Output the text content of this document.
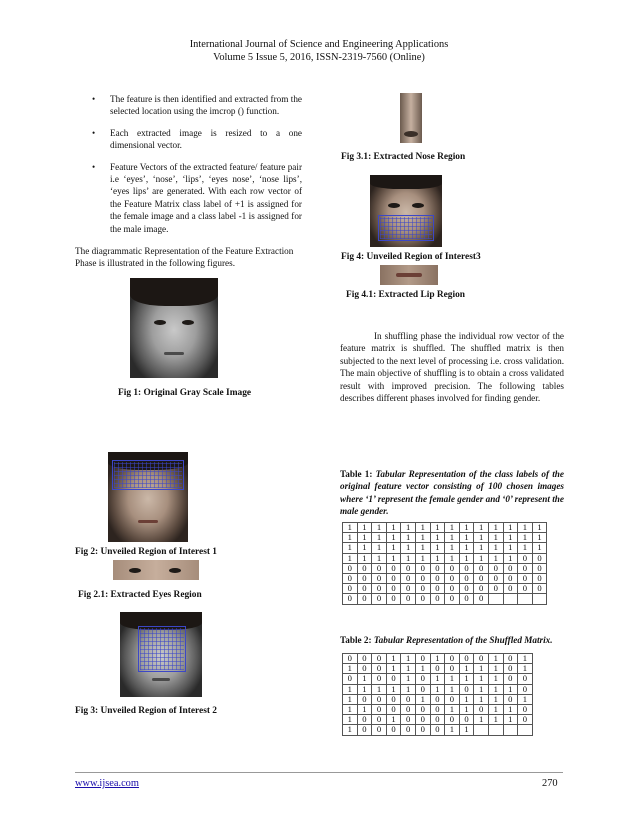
International Journal of Science and Engineering Applications
Volume 5 Issue 5, 2016, ISSN-2319-7560 (Online)
•	The feature is then identified and extracted from the selected location using the imcrop () function.
•	Each extracted image is resized to a one dimensional vector.
•	Feature Vectors of the extracted feature/ feature pair i.e ‘eyes’, ‘nose’, ‘lips’, ‘eyes nose’, ‘nose lips’, ‘eyes lips’ are generated. With each row vector of the Feature Matrix class label of +1 is assigned for the female image and a class label -1 is assigned for the male image.
The diagrammatic Representation of the Feature Extraction Phase is illustrated in the following figures.
Fig 1: Original Gray Scale Image
Fig 2: Unveiled Region of Interest 1
Fig 2.1: Extracted Eyes Region
Fig 3: Unveiled Region of Interest 2
Fig 3.1: Extracted Nose Region
Fig 4: Unveiled Region of Interest3
Fig 4.1: Extracted Lip Region
In shuffling phase the individual row vector of the feature matrix is shuffled. The shuffled matrix is then subjected to the next level of processing i.e. cross validation. The main objective of shuffling is to obtain a cross validated result with improved precision. The following tables describes different phases involved for finding gender.
Table 1: Tabular Representation of the class labels of the original feature vector consisting of 100 chosen images where ‘1’ represent the female gender and ‘0’ represent the male gender.
1	1	1	1	1	1	1	1	1	1	1	1	1	1
1	1	1	1	1	1	1	1	1	1	1	1	1	1
1	1	1	1	1	1	1	1	1	1	1	1	1	1
1	1	1	1	1	1	1	1	1	1	1	1	0	0
0	0	0	0	0	0	0	0	0	0	0	0	0	0
0	0	0	0	0	0	0	0	0	0	0	0	0	0
0	0	0	0	0	0	0	0	0	0	0	0	0	0
0	0	0	0	0	0	0	0	0	0				
Table 2: Tabular Representation of the Shuffled Matrix.
0	0	0	1	1	0	1	0	0	0	1	0	1
1	0	0	1	1	1	0	0	1	1	1	0	1
0	1	0	0	1	0	1	1	1	1	1	0	0
1	1	1	1	1	0	1	1	0	1	1	1	0
1	0	0	0	0	1	0	0	1	1	1	0	1
1	1	0	0	0	0	0	1	1	0	1	1	0
1	0	0	1	0	0	0	0	0	1	1	1	0
1	0	0	0	0	0	0	1	1				
www.ijsea.com	270
